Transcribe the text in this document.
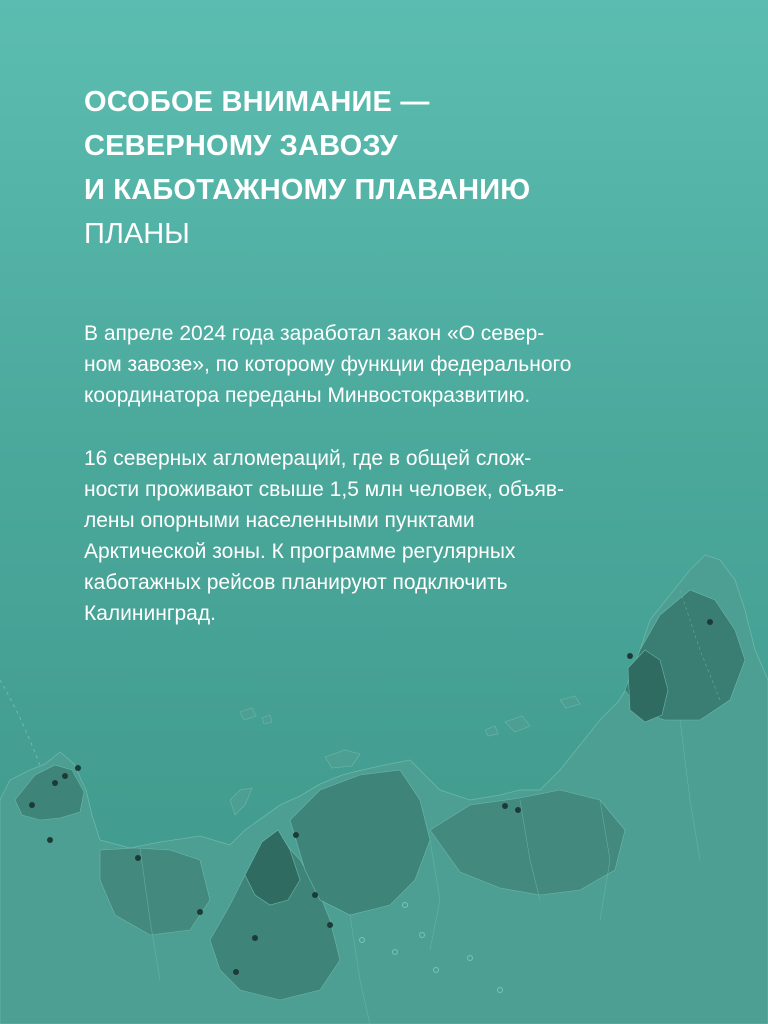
ОСОБОЕ ВНИМАНИЕ —
СЕВЕРНОМУ ЗАВОЗУ
И КАБОТАЖНОМУ ПЛАВАНИЮ

ПЛАНЫ

В апреле 2024 года заработал закон «О север-
ном завозе», по которому функции федерального
координатора переданы Минвостокразвитию.

16 северных агломераций, где в общей слож-
ности проживают свыше 1,5 млн человек, объяв-
лены опорными населенными пунктами
Арктической зоны. К программе регулярных
каботажных рейсов планируют подключить
Калининград.
